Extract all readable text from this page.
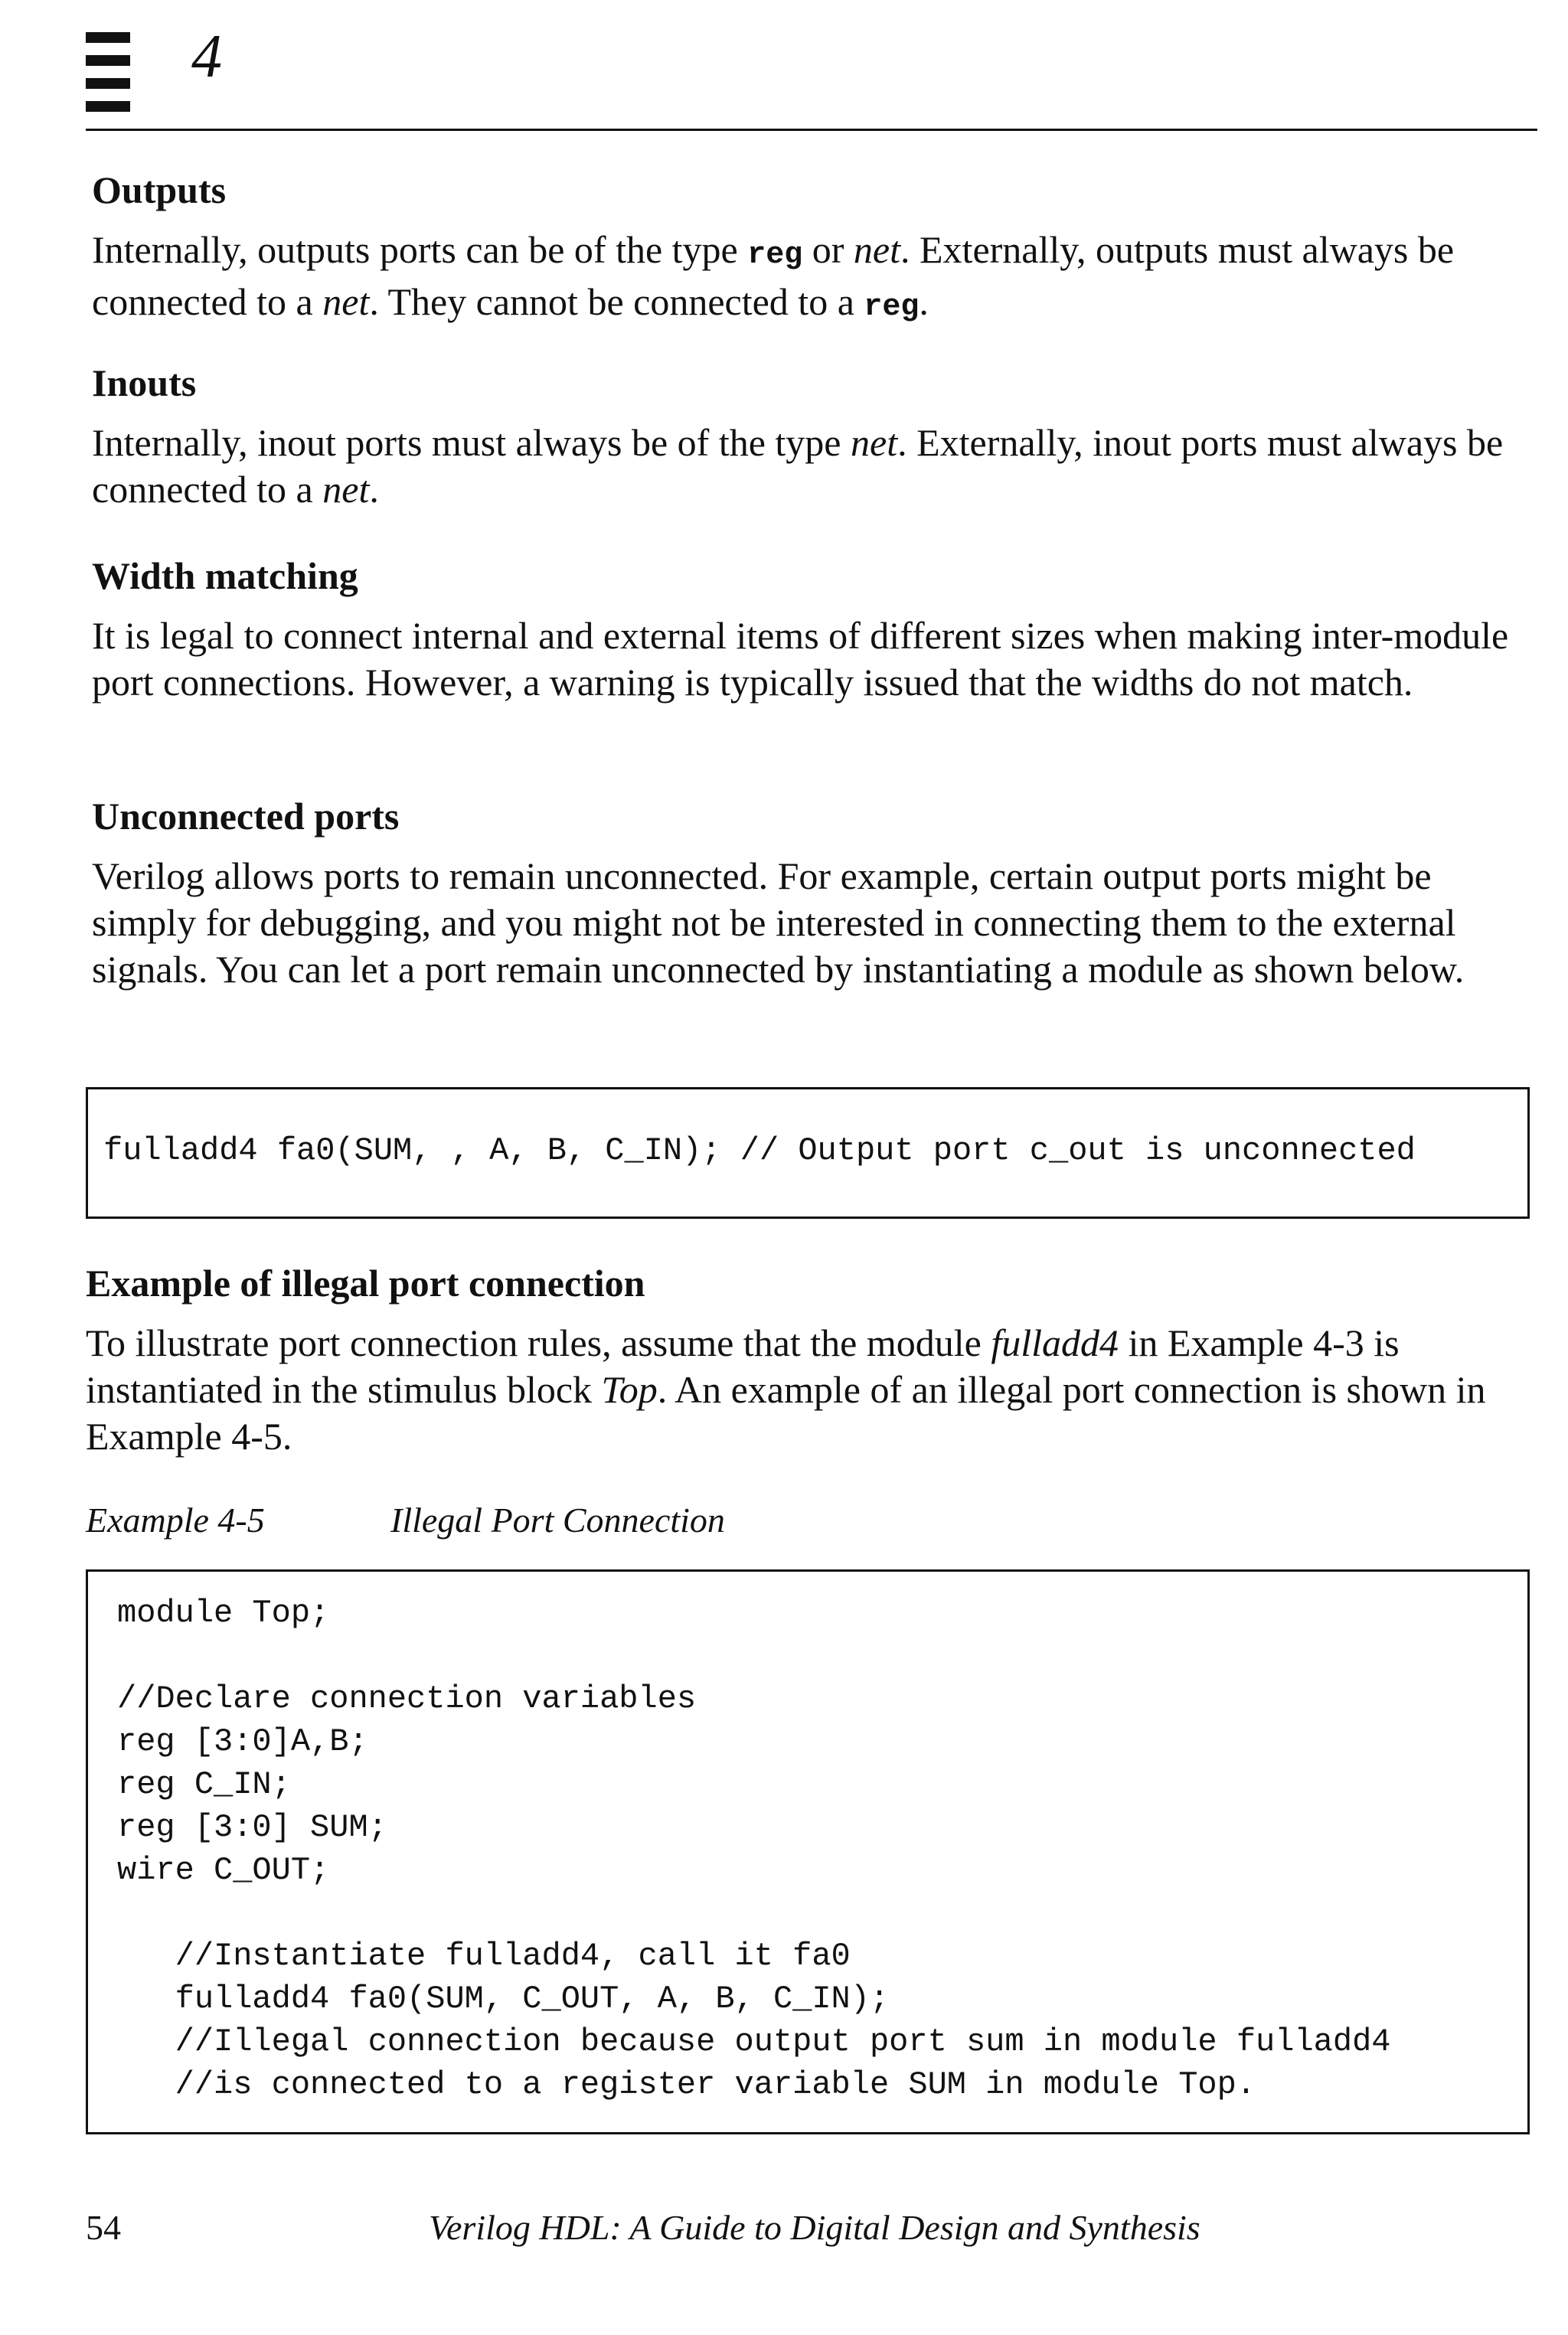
4
Outputs
Internally, outputs ports can be of the type reg or net. Externally, outputs must always be connected to a net. They cannot be connected to a reg.
Inouts
Internally, inout ports must always be of the type net. Externally, inout ports must always be connected to a net.
Width matching
It is legal to connect internal and external items of different sizes when making inter-module port connections. However, a warning is typically issued that the widths do not match.
Unconnected ports
Verilog allows ports to remain unconnected. For example, certain output ports might be simply for debugging, and you might not be interested in connecting them to the external signals. You can let a port remain unconnected by instantiating a module as shown below.

fulladd4 fa0(SUM, , A, B, C_IN); // Output port c_out is unconnected

Example of illegal port connection
To illustrate port connection rules, assume that the module fulladd4 in Example 4-3 is instantiated in the stimulus block Top. An example of an illegal port connection is shown in Example 4-5.
Example 4-5	Illegal Port Connection

module Top;
//Declare connection variables
reg [3:0]A,B;
reg C_IN;
reg [3:0] SUM;
wire C_OUT;
//Instantiate fulladd4, call it fa0
fulladd4 fa0(SUM, C_OUT, A, B, C_IN);
//Illegal connection because output port sum in module fulladd4
//is connected to a register variable SUM in module Top.

54	Verilog HDL: A Guide to Digital Design and Synthesis
